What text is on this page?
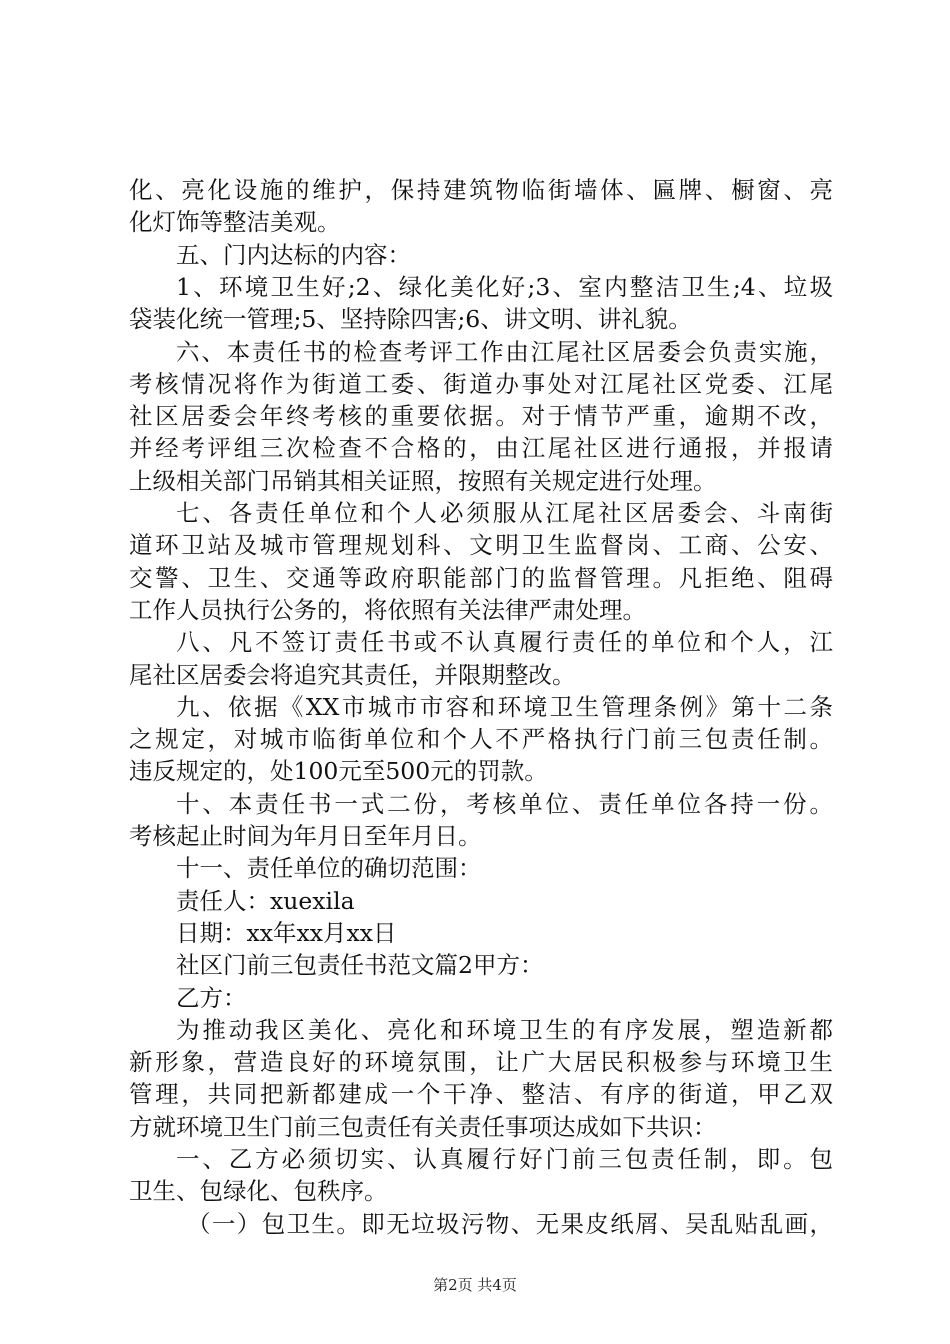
化、亮化设施的维护，保持建筑物临街墙体、匾牌、橱窗、亮
化灯饰等整洁美观。
五、门内达标的内容：
1、环境卫生好;2、绿化美化好;3、室内整洁卫生;4、垃圾
袋装化统一管理;5、坚持除四害;6、讲文明、讲礼貌。
六、本责任书的检查考评工作由江尾社区居委会负责实施，
考核情况将作为街道工委、街道办事处对江尾社区党委、江尾
社区居委会年终考核的重要依据。对于情节严重，逾期不改，
并经考评组三次检查不合格的，由江尾社区进行通报，并报请
上级相关部门吊销其相关证照，按照有关规定进行处理。
七、各责任单位和个人必须服从江尾社区居委会、斗南街
道环卫站及城市管理规划科、文明卫生监督岗、工商、公安、
交警、卫生、交通等政府职能部门的监督管理。凡拒绝、阻碍
工作人员执行公务的，将依照有关法律严肃处理。
八、凡不签订责任书或不认真履行责任的单位和个人，江
尾社区居委会将追究其责任，并限期整改。
九、依据《XX市城市市容和环境卫生管理条例》第十二条
之规定，对城市临街单位和个人不严格执行门前三包责任制。
违反规定的，处100元至500元的罚款。
十、本责任书一式二份，考核单位、责任单位各持一份。
考核起止时间为年月日至年月日。
十一、责任单位的确切范围：
责任人：xuexila
日期：xx年xx月xx日
社区门前三包责任书范文篇2甲方：
乙方：
为推动我区美化、亮化和环境卫生的有序发展，塑造新都
新形象，营造良好的环境氛围，让广大居民积极参与环境卫生
管理，共同把新都建成一个干净、整洁、有序的街道，甲乙双
方就环境卫生门前三包责任有关责任事项达成如下共识：
一、乙方必须切实、认真履行好门前三包责任制，即。包
卫生、包绿化、包秩序。
（一）包卫生。即无垃圾污物、无果皮纸屑、吴乱贴乱画，
第2页 共4页
